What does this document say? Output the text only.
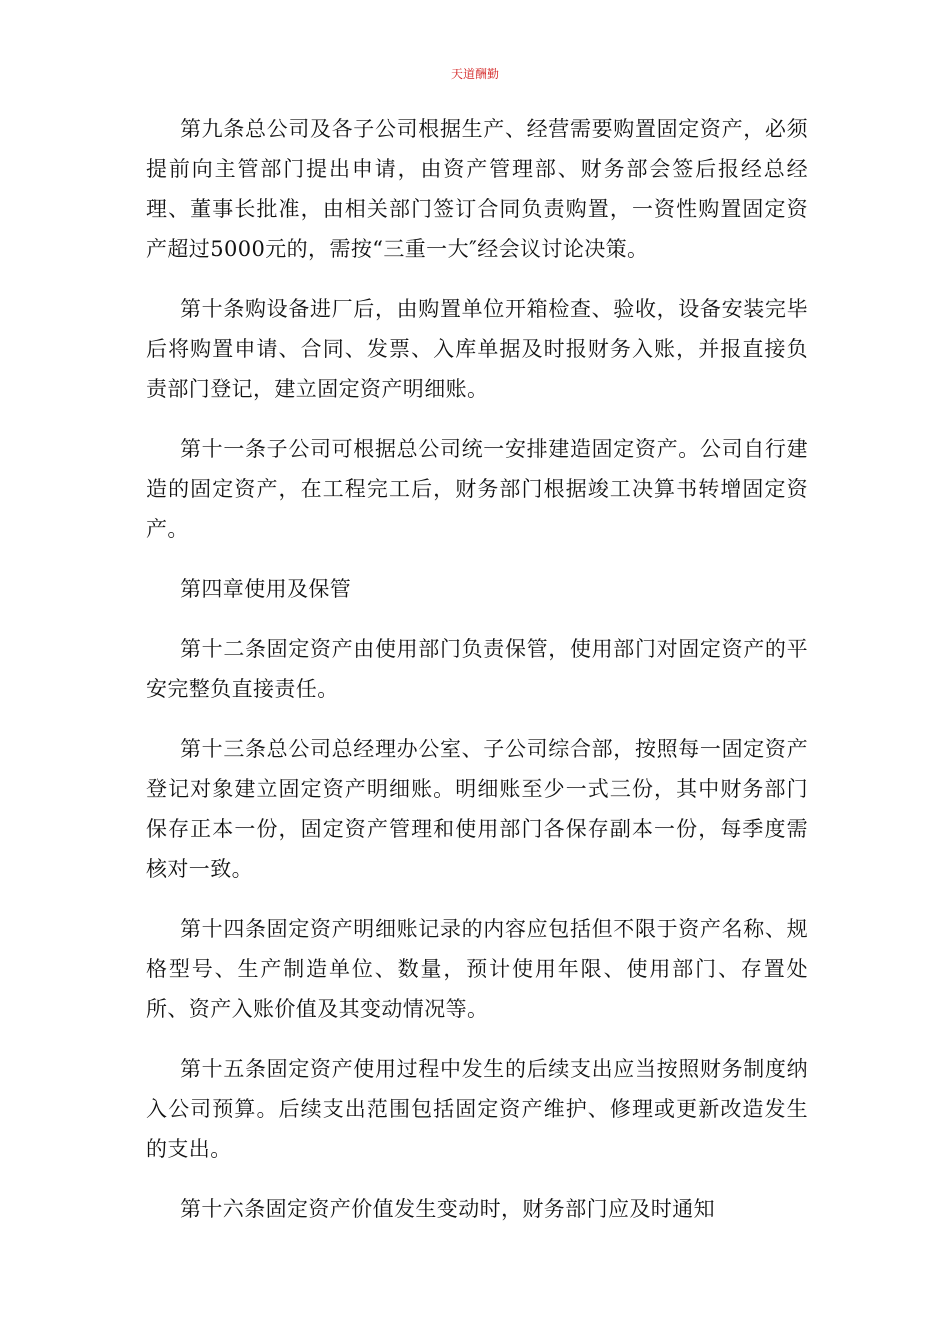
天道酬勤

第九条总公司及各子公司根据生产、经营需要购置固定资产，必须提前向主管部门提出申请，由资产管理部、财务部会签后报经总经理、董事长批准，由相关部门签订合同负责购置，一资性购置固定资产超过5000元的，需按“三重一大″经会议讨论决策。

第十条购设备进厂后，由购置单位开箱检查、验收，设备安装完毕后将购置申请、合同、发票、入库单据及时报财务入账，并报直接负责部门登记，建立固定资产明细账。

第十一条子公司可根据总公司统一安排建造固定资产。公司自行建造的固定资产，在工程完工后，财务部门根据竣工决算书转增固定资产。

第四章使用及保管

第十二条固定资产由使用部门负责保管，使用部门对固定资产的平安完整负直接责任。

第十三条总公司总经理办公室、子公司综合部，按照每一固定资产登记对象建立固定资产明细账。明细账至少一式三份，其中财务部门保存正本一份，固定资产管理和使用部门各保存副本一份，每季度需核对一致。

第十四条固定资产明细账记录的内容应包括但不限于资产名称、规格型号、生产制造单位、数量，预计使用年限、使用部门、存置处所、资产入账价值及其变动情况等。

第十五条固定资产使用过程中发生的后续支出应当按照财务制度纳入公司预算。后续支出范围包括固定资产维护、修理或更新改造发生的支出。

第十六条固定资产价值发生变动时，财务部门应及时通知
